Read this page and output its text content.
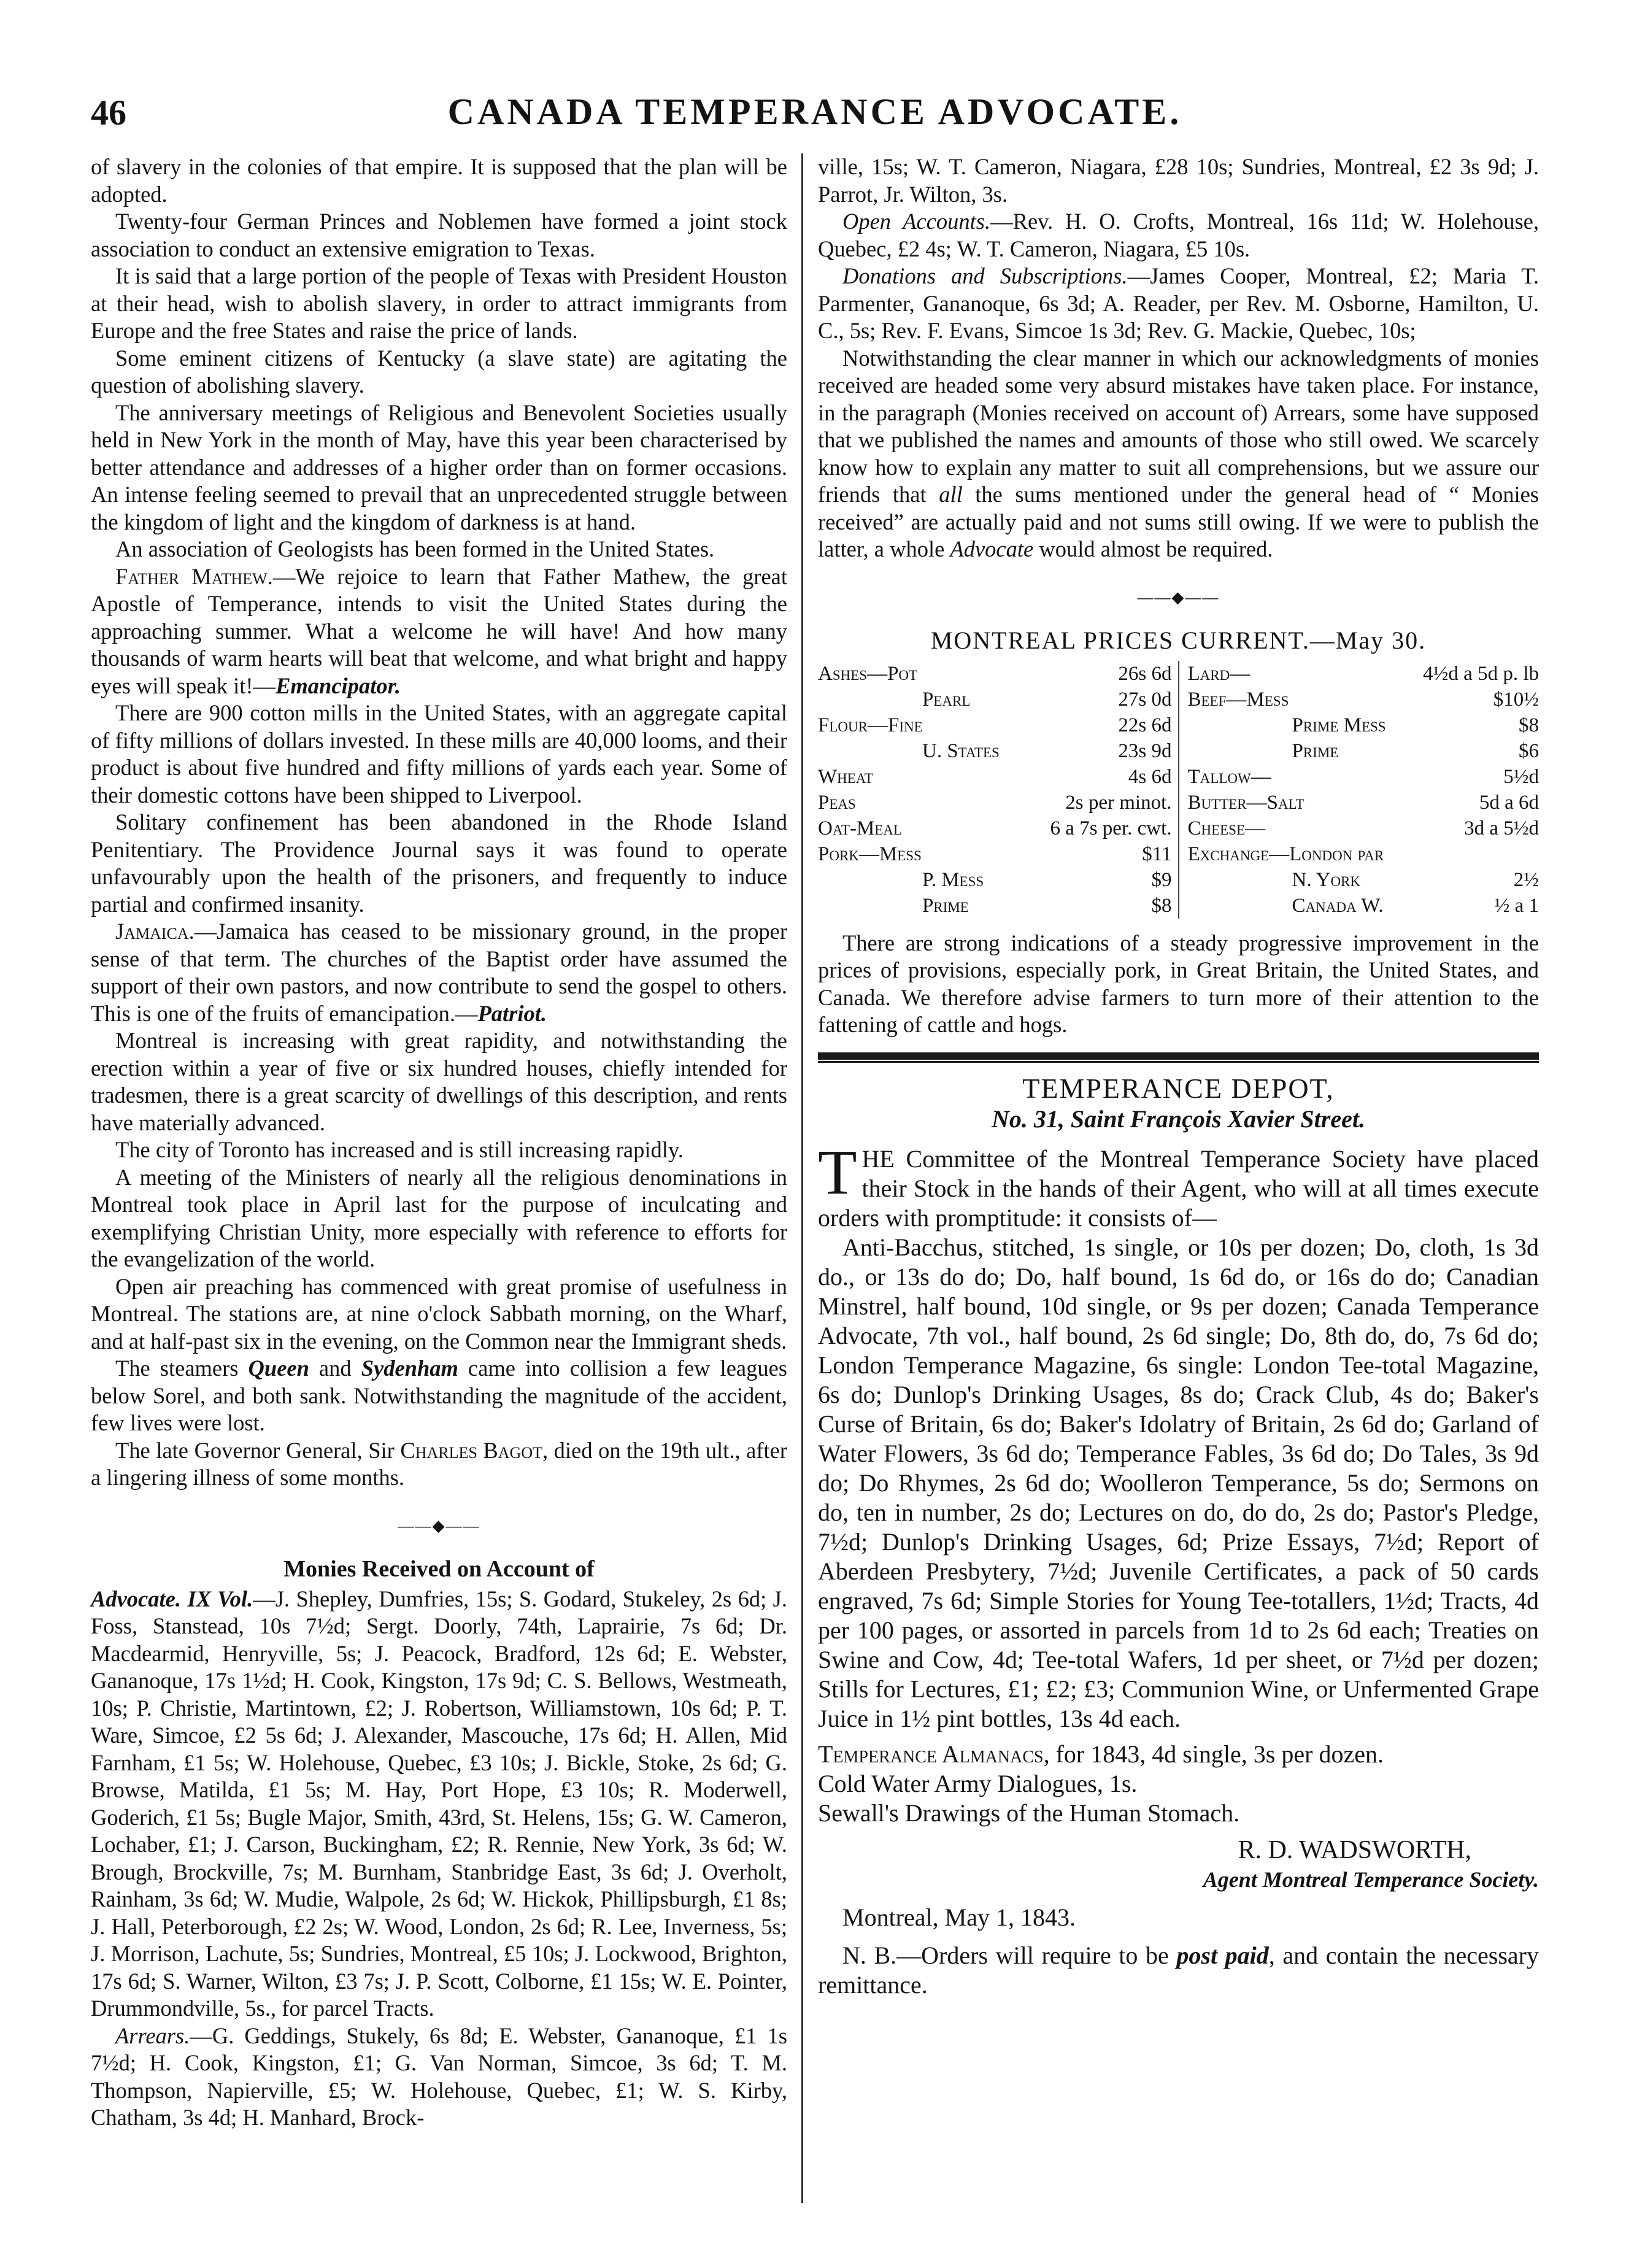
46	CANADA TEMPERANCE ADVOCATE.

of slavery in the colonies of that empire. It is supposed that the plan will be adopted.

Twenty-four German Princes and Noblemen have formed a joint stock association to conduct an extensive emigration to Texas.

It is said that a large portion of the people of Texas with President Houston at their head, wish to abolish slavery, in order to attract immigrants from Europe and the free States and raise the price of lands.

Some eminent citizens of Kentucky (a slave state) are agitating the question of abolishing slavery.

The anniversary meetings of Religious and Benevolent Societies usually held in New York in the month of May, have this year been characterised by better attendance and addresses of a higher order than on former occasions. An intense feeling seemed to prevail that an unprecedented struggle between the kingdom of light and the kingdom of darkness is at hand.

An association of Geologists has been formed in the United States.

Father Mathew.—We rejoice to learn that Father Mathew, the great Apostle of Temperance, intends to visit the United States during the approaching summer. What a welcome he will have! And how many thousands of warm hearts will beat that welcome, and what bright and happy eyes will speak it!—Emancipator.

There are 900 cotton mills in the United States, with an aggregate capital of fifty millions of dollars invested. In these mills are 40,000 looms, and their product is about five hundred and fifty millions of yards each year. Some of their domestic cottons have been shipped to Liverpool.

Solitary confinement has been abandoned in the Rhode Island Penitentiary. The Providence Journal says it was found to operate unfavourably upon the health of the prisoners, and frequently to induce partial and confirmed insanity.

Jamaica.—Jamaica has ceased to be missionary ground, in the proper sense of that term. The churches of the Baptist order have assumed the support of their own pastors, and now contribute to send the gospel to others. This is one of the fruits of emancipation.—Patriot.

Montreal is increasing with great rapidity, and notwithstanding the erection within a year of five or six hundred houses, chiefly intended for tradesmen, there is a great scarcity of dwellings of this description, and rents have materially advanced.

The city of Toronto has increased and is still increasing rapidly.

A meeting of the Ministers of nearly all the religious denominations in Montreal took place in April last for the purpose of inculcating and exemplifying Christian Unity, more especially with reference to efforts for the evangelization of the world.

Open air preaching has commenced with great promise of usefulness in Montreal. The stations are, at nine o'clock Sabbath morning, on the Wharf, and at half-past six in the evening, on the Common near the Immigrant sheds.

The steamers Queen and Sydenham came into collision a few leagues below Sorel, and both sank. Notwithstanding the magnitude of the accident, few lives were lost.

The late Governor General, Sir Charles Bagot, died on the 19th ult., after a lingering illness of some months.

——◆——
Monies Received on Account of

Advocate. IX Vol.—J. Shepley, Dumfries, 15s; S. Godard, Stukeley, 2s 6d; J. Foss, Stanstead, 10s 7½d; Sergt. Doorly, 74th, Laprairie, 7s 6d; Dr. Macdearmid, Henryville, 5s; J. Peacock, Bradford, 12s 6d; E. Webster, Gananoque, 17s 1½d; H. Cook, Kingston, 17s 9d; C. S. Bellows, Westmeath, 10s; P. Christie, Martintown, £2; J. Robertson, Williamstown, 10s 6d; P. T. Ware, Simcoe, £2 5s 6d; J. Alexander, Mascouche, 17s 6d; H. Allen, Mid Farnham, £1 5s; W. Holehouse, Quebec, £3 10s; J. Bickle, Stoke, 2s 6d; G. Browse, Matilda, £1 5s; M. Hay, Port Hope, £3 10s; R. Moderwell, Goderich, £1 5s; Bugle Major, Smith, 43rd, St. Helens, 15s; G. W. Cameron, Lochaber, £1; J. Carson, Buckingham, £2; R. Rennie, New York, 3s 6d; W. Brough, Brockville, 7s; M. Burnham, Stanbridge East, 3s 6d; J. Overholt, Rainham, 3s 6d; W. Mudie, Walpole, 2s 6d; W. Hickok, Phillipsburgh, £1 8s; J. Hall, Peterborough, £2 2s; W. Wood, London, 2s 6d; R. Lee, Inverness, 5s; J. Morrison, Lachute, 5s; Sundries, Montreal, £5 10s; J. Lockwood, Brighton, 17s 6d; S. Warner, Wilton, £3 7s; J. P. Scott, Colborne, £1 15s; W. E. Pointer, Drummondville, 5s., for parcel Tracts.

Arrears.—G. Geddings, Stukely, 6s 8d; E. Webster, Gananoque, £1 1s 7½d; H. Cook, Kingston, £1; G. Van Norman, Simcoe, 3s 6d; T. M. Thompson, Napierville, £5; W. Holehouse, Quebec, £1; W. S. Kirby, Chatham, 3s 4d; H. Manhard, Brock-

ville, 15s; W. T. Cameron, Niagara, £28 10s; Sundries, Montreal, £2 3s 9d; J. Parrot, Jr. Wilton, 3s.

Open Accounts.—Rev. H. O. Crofts, Montreal, 16s 11d; W. Holehouse, Quebec, £2 4s; W. T. Cameron, Niagara, £5 10s.

Donations and Subscriptions.—James Cooper, Montreal, £2; Maria T. Parmenter, Gananoque, 6s 3d; A. Reader, per Rev. M. Osborne, Hamilton, U. C., 5s; Rev. F. Evans, Simcoe 1s 3d; Rev. G. Mackie, Quebec, 10s;

Notwithstanding the clear manner in which our acknowledgments of monies received are headed some very absurd mistakes have taken place. For instance, in the paragraph (Monies received on account of) Arrears, some have supposed that we published the names and amounts of those who still owed. We scarcely know how to explain any matter to suit all comprehensions, but we assure our friends that all the sums mentioned under the general head of “ Monies received” are actually paid and not sums still owing. If we were to publish the latter, a whole Advocate would almost be required.

——◆——
MONTREAL PRICES CURRENT.—May 30.
Ashes—Pot 26s 6d	Lard— 4½d a 5d p. lb

Pearl 27s 0d	Beef—Mess $10½

Flour—Fine 22s 6d	Prime Mess $8

U. States 23s 9d	Prime $6

Wheat 4s 6d	Tallow— 5½d

Peas 2s per minot.	Butter—Salt 5d a 6d

Oat-Meal 6 a 7s per. cwt.	Cheese— 3d a 5½d

Pork—Mess $11	Exchange—London par

P. Mess $9	N. York 2½

Prime $8	Canada W. ½ a 1

There are strong indications of a steady progressive improvement in the prices of provisions, especially pork, in Great Britain, the United States, and Canada. We therefore advise farmers to turn more of their attention to the fattening of cattle and hogs.

TEMPERANCE DEPOT,
No. 31, Saint François Xavier Street.

THE Committee of the Montreal Temperance Society have placed their Stock in the hands of their Agent, who will at all times execute orders with promptitude: it consists of—

Anti-Bacchus, stitched, 1s single, or 10s per dozen; Do, cloth, 1s 3d do., or 13s do do; Do, half bound, 1s 6d do, or 16s do do; Canadian Minstrel, half bound, 10d single, or 9s per dozen; Canada Temperance Advocate, 7th vol., half bound, 2s 6d single; Do, 8th do, do, 7s 6d do; London Temperance Magazine, 6s single: London Tee-total Magazine, 6s do; Dunlop's Drinking Usages, 8s do; Crack Club, 4s do; Baker's Curse of Britain, 6s do; Baker's Idolatry of Britain, 2s 6d do; Garland of Water Flowers, 3s 6d do; Temperance Fables, 3s 6d do; Do Tales, 3s 9d do; Do Rhymes, 2s 6d do; Woolleron Temperance, 5s do; Sermons on do, ten in number, 2s do; Lectures on do, do do, 2s do; Pastor's Pledge, 7½d; Dunlop's Drinking Usages, 6d; Prize Essays, 7½d; Report of Aberdeen Presbytery, 7½d; Juvenile Certificates, a pack of 50 cards engraved, 7s 6d; Simple Stories for Young Tee-totallers, 1½d; Tracts, 4d per 100 pages, or assorted in parcels from 1d to 2s 6d each; Treaties on Swine and Cow, 4d; Tee-total Wafers, 1d per sheet, or 7½d per dozen; Stills for Lectures, £1; £2; £3; Communion Wine, or Unfermented Grape Juice in 1½ pint bottles, 13s 4d each.

Temperance Almanacs, for 1843, 4d single, 3s per dozen.

Cold Water Army Dialogues, 1s.

Sewall's Drawings of the Human Stomach.

R. D. WADSWORTH,
Agent Montreal Temperance Society.

Montreal, May 1, 1843.

N. B.—Orders will require to be post paid, and contain the necessary remittance.
